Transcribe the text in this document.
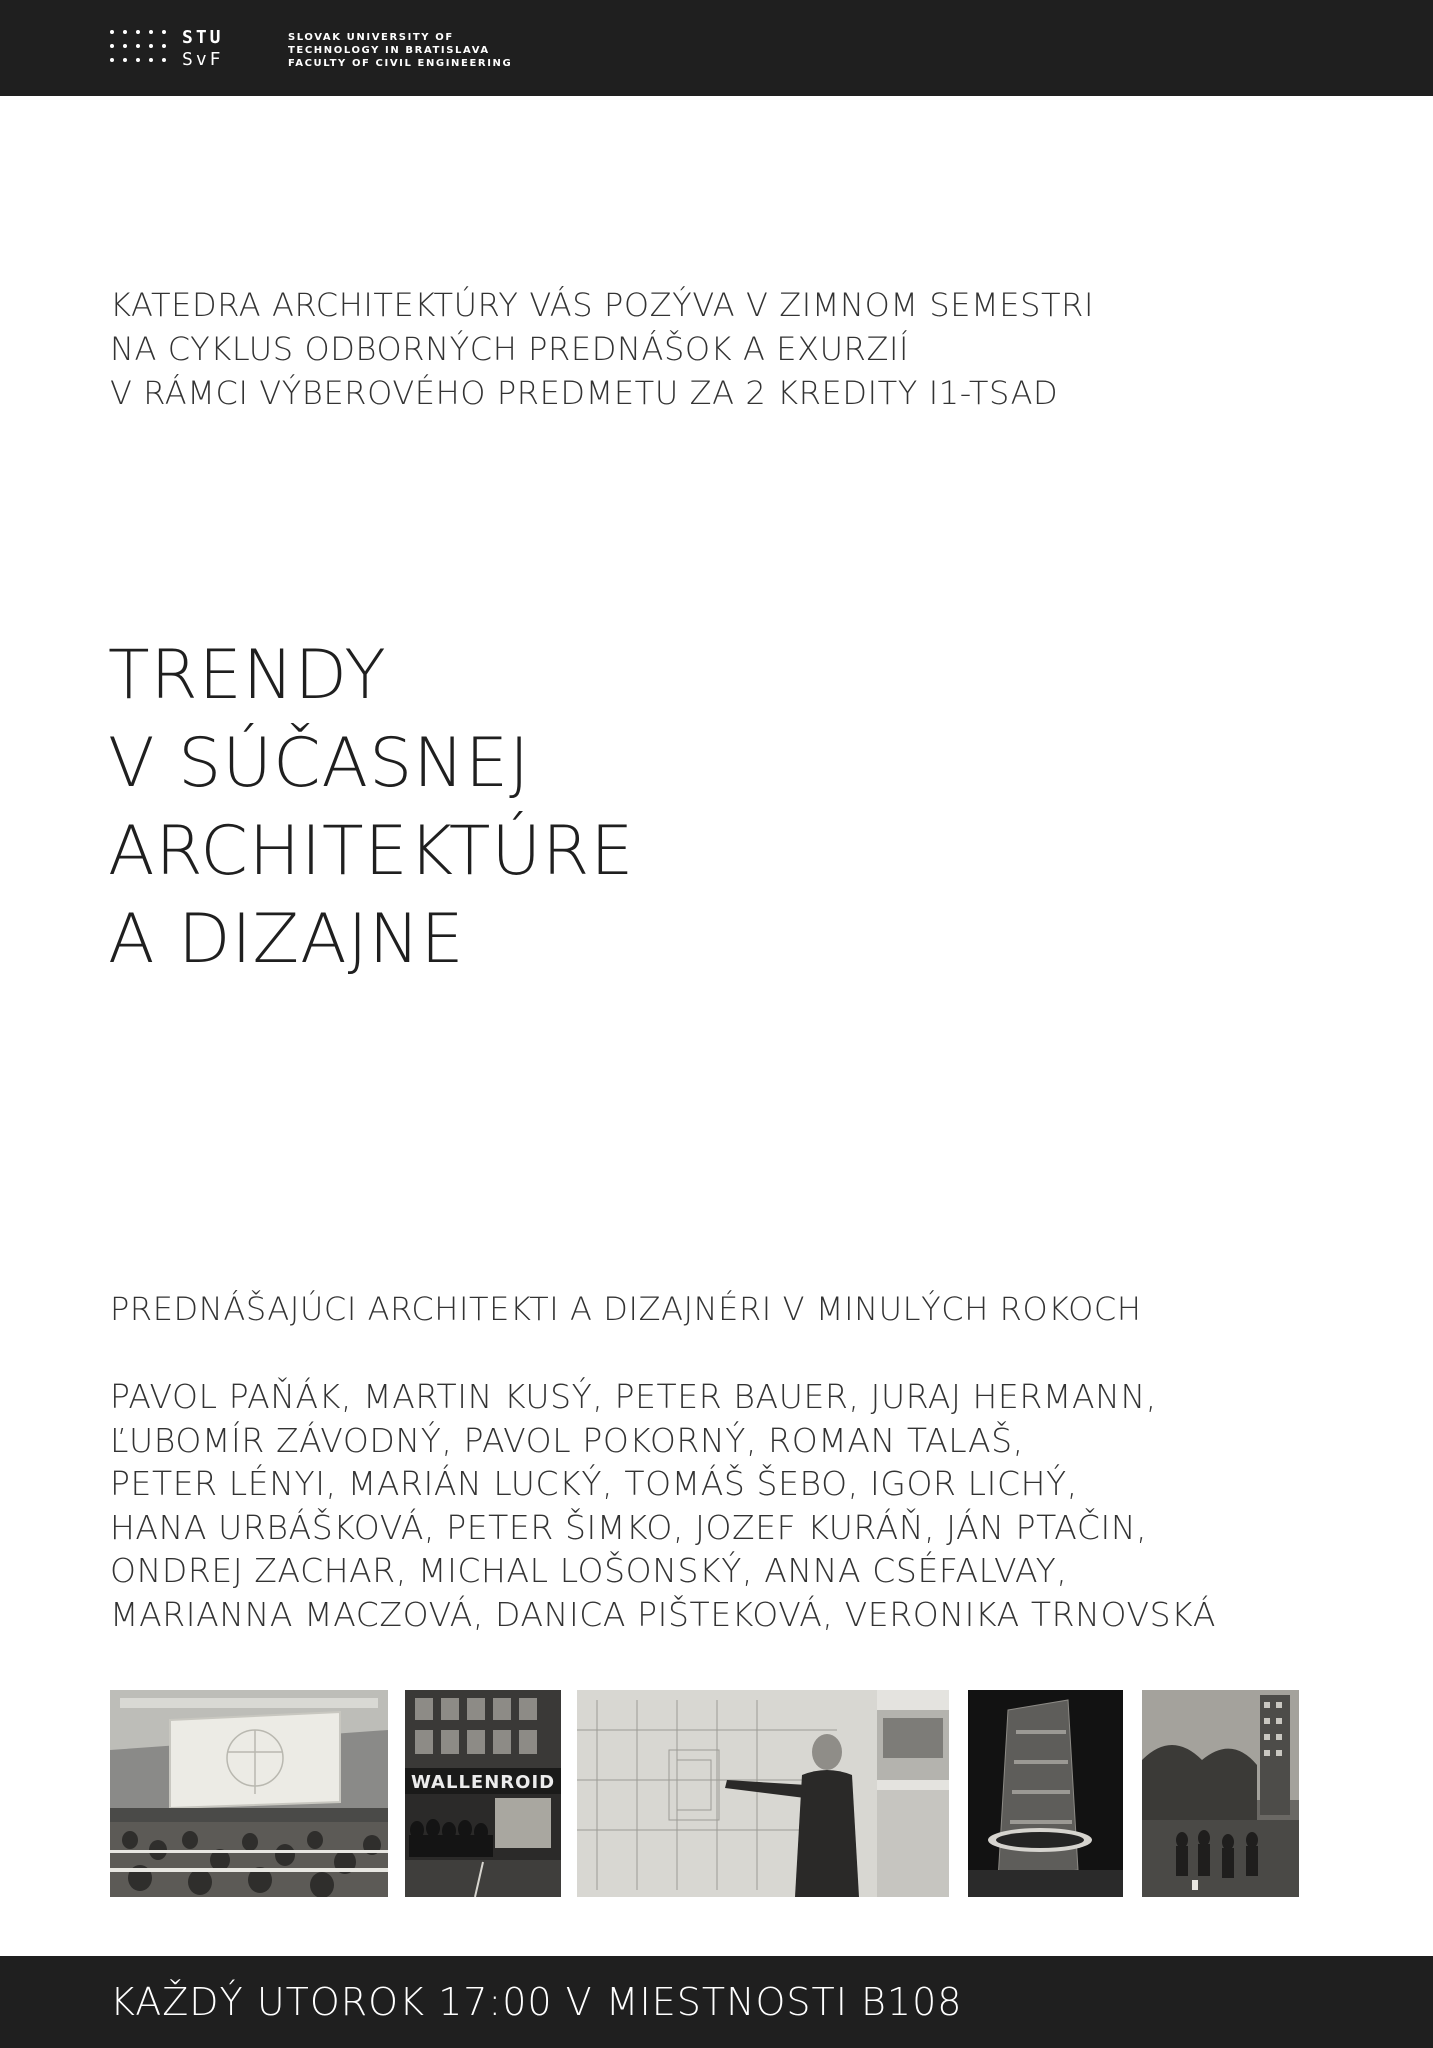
STU
SvF
SLOVAK UNIVERSITY OF
TECHNOLOGY IN BRATISLAVA
FACULTY OF CIVIL ENGINEERING
KATEDRA ARCHITEKTÚRY VÁS POZÝVA V ZIMNOM SEMESTRI
NA CYKLUS ODBORNÝCH PREDNÁŠOK A EXURZIÍ
V RÁMCI VÝBEROVÉHO PREDMETU ZA 2 KREDITY I1-TSAD
TRENDY
V SÚČASNEJ
ARCHITEKTÚRE
A DIZAJNE
PREDNÁŠAJÚCI ARCHITEKTI A DIZAJNÉRI V MINULÝCH ROKOCH
PAVOL PAŇÁK, MARTIN KUSÝ, PETER BAUER, JURAJ HERMANN,
ĽUBOMÍR ZÁVODNÝ, PAVOL POKORNÝ, ROMAN TALAŠ,
PETER LÉNYI, MARIÁN LUCKÝ, TOMÁŠ ŠEBO, IGOR LICHÝ,
HANA URBÁŠKOVÁ, PETER ŠIMKO, JOZEF KURÁŇ, JÁN PTAČIN,
ONDREJ ZACHAR, MICHAL LOŠONSKÝ, ANNA CSÉFALVAY,
MARIANNA MACZOVÁ, DANICA PIŠTEKOVÁ, VERONIKA TRNOVSKÁ
WALLENROID
KAŽDÝ UTOROK 17:00 V MIESTNOSTI B108
